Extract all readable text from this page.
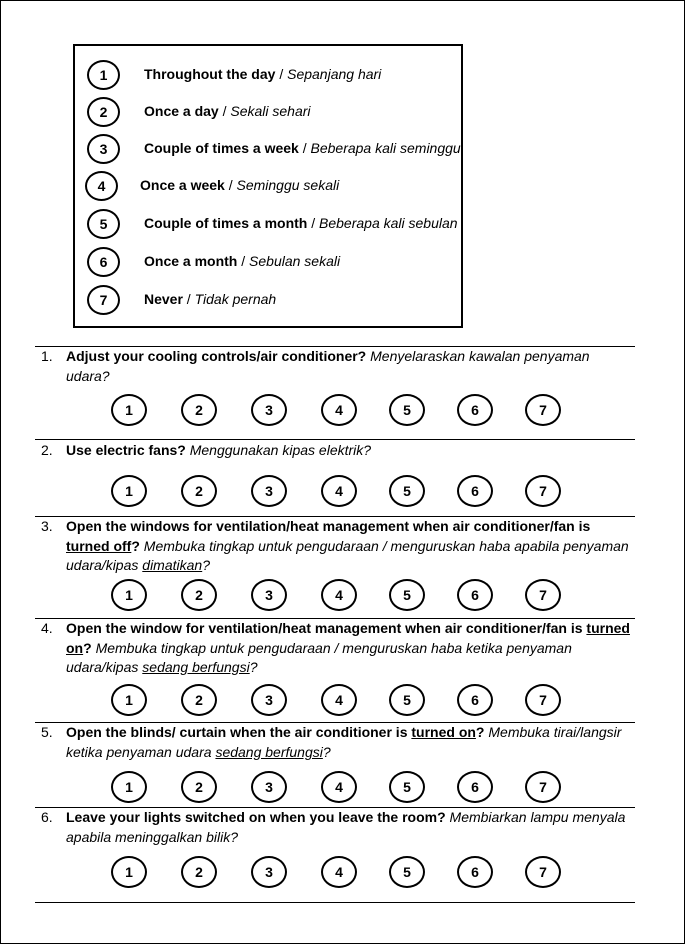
1	Throughout the day / Sepanjang hari
2	Once a day / Sekali sehari
3	Couple of times a week / Beberapa kali seminggu
4	Once a week / Seminggu sekali
5	Couple of times a month / Beberapa kali sebulan
6	Once a month / Sebulan sekali
7	Never / Tidak pernah
1. Adjust your cooling controls/air conditioner? Menyelaraskan kawalan penyaman udara?
1	2	3	4	5	6	7
2. Use electric fans? Menggunakan kipas elektrik?
1	2	3	4	5	6	7
3. Open the windows for ventilation/heat management when air conditioner/fan is turned off? Membuka tingkap untuk pengudaraan / menguruskan haba apabila penyaman udara/kipas dimatikan?
1	2	3	4	5	6	7
4. Open the window for ventilation/heat management when air conditioner/fan is turned on? Membuka tingkap untuk pengudaraan / menguruskan haba ketika penyaman udara/kipas sedang berfungsi?
1	2	3	4	5	6	7
5. Open the blinds/ curtain when the air conditioner is turned on? Membuka tirai/langsir ketika penyaman udara sedang berfungsi?
1	2	3	4	5	6	7
6. Leave your lights switched on when you leave the room? Membiarkan lampu menyala apabila meninggalkan bilik?
1	2	3	4	5	6	7
